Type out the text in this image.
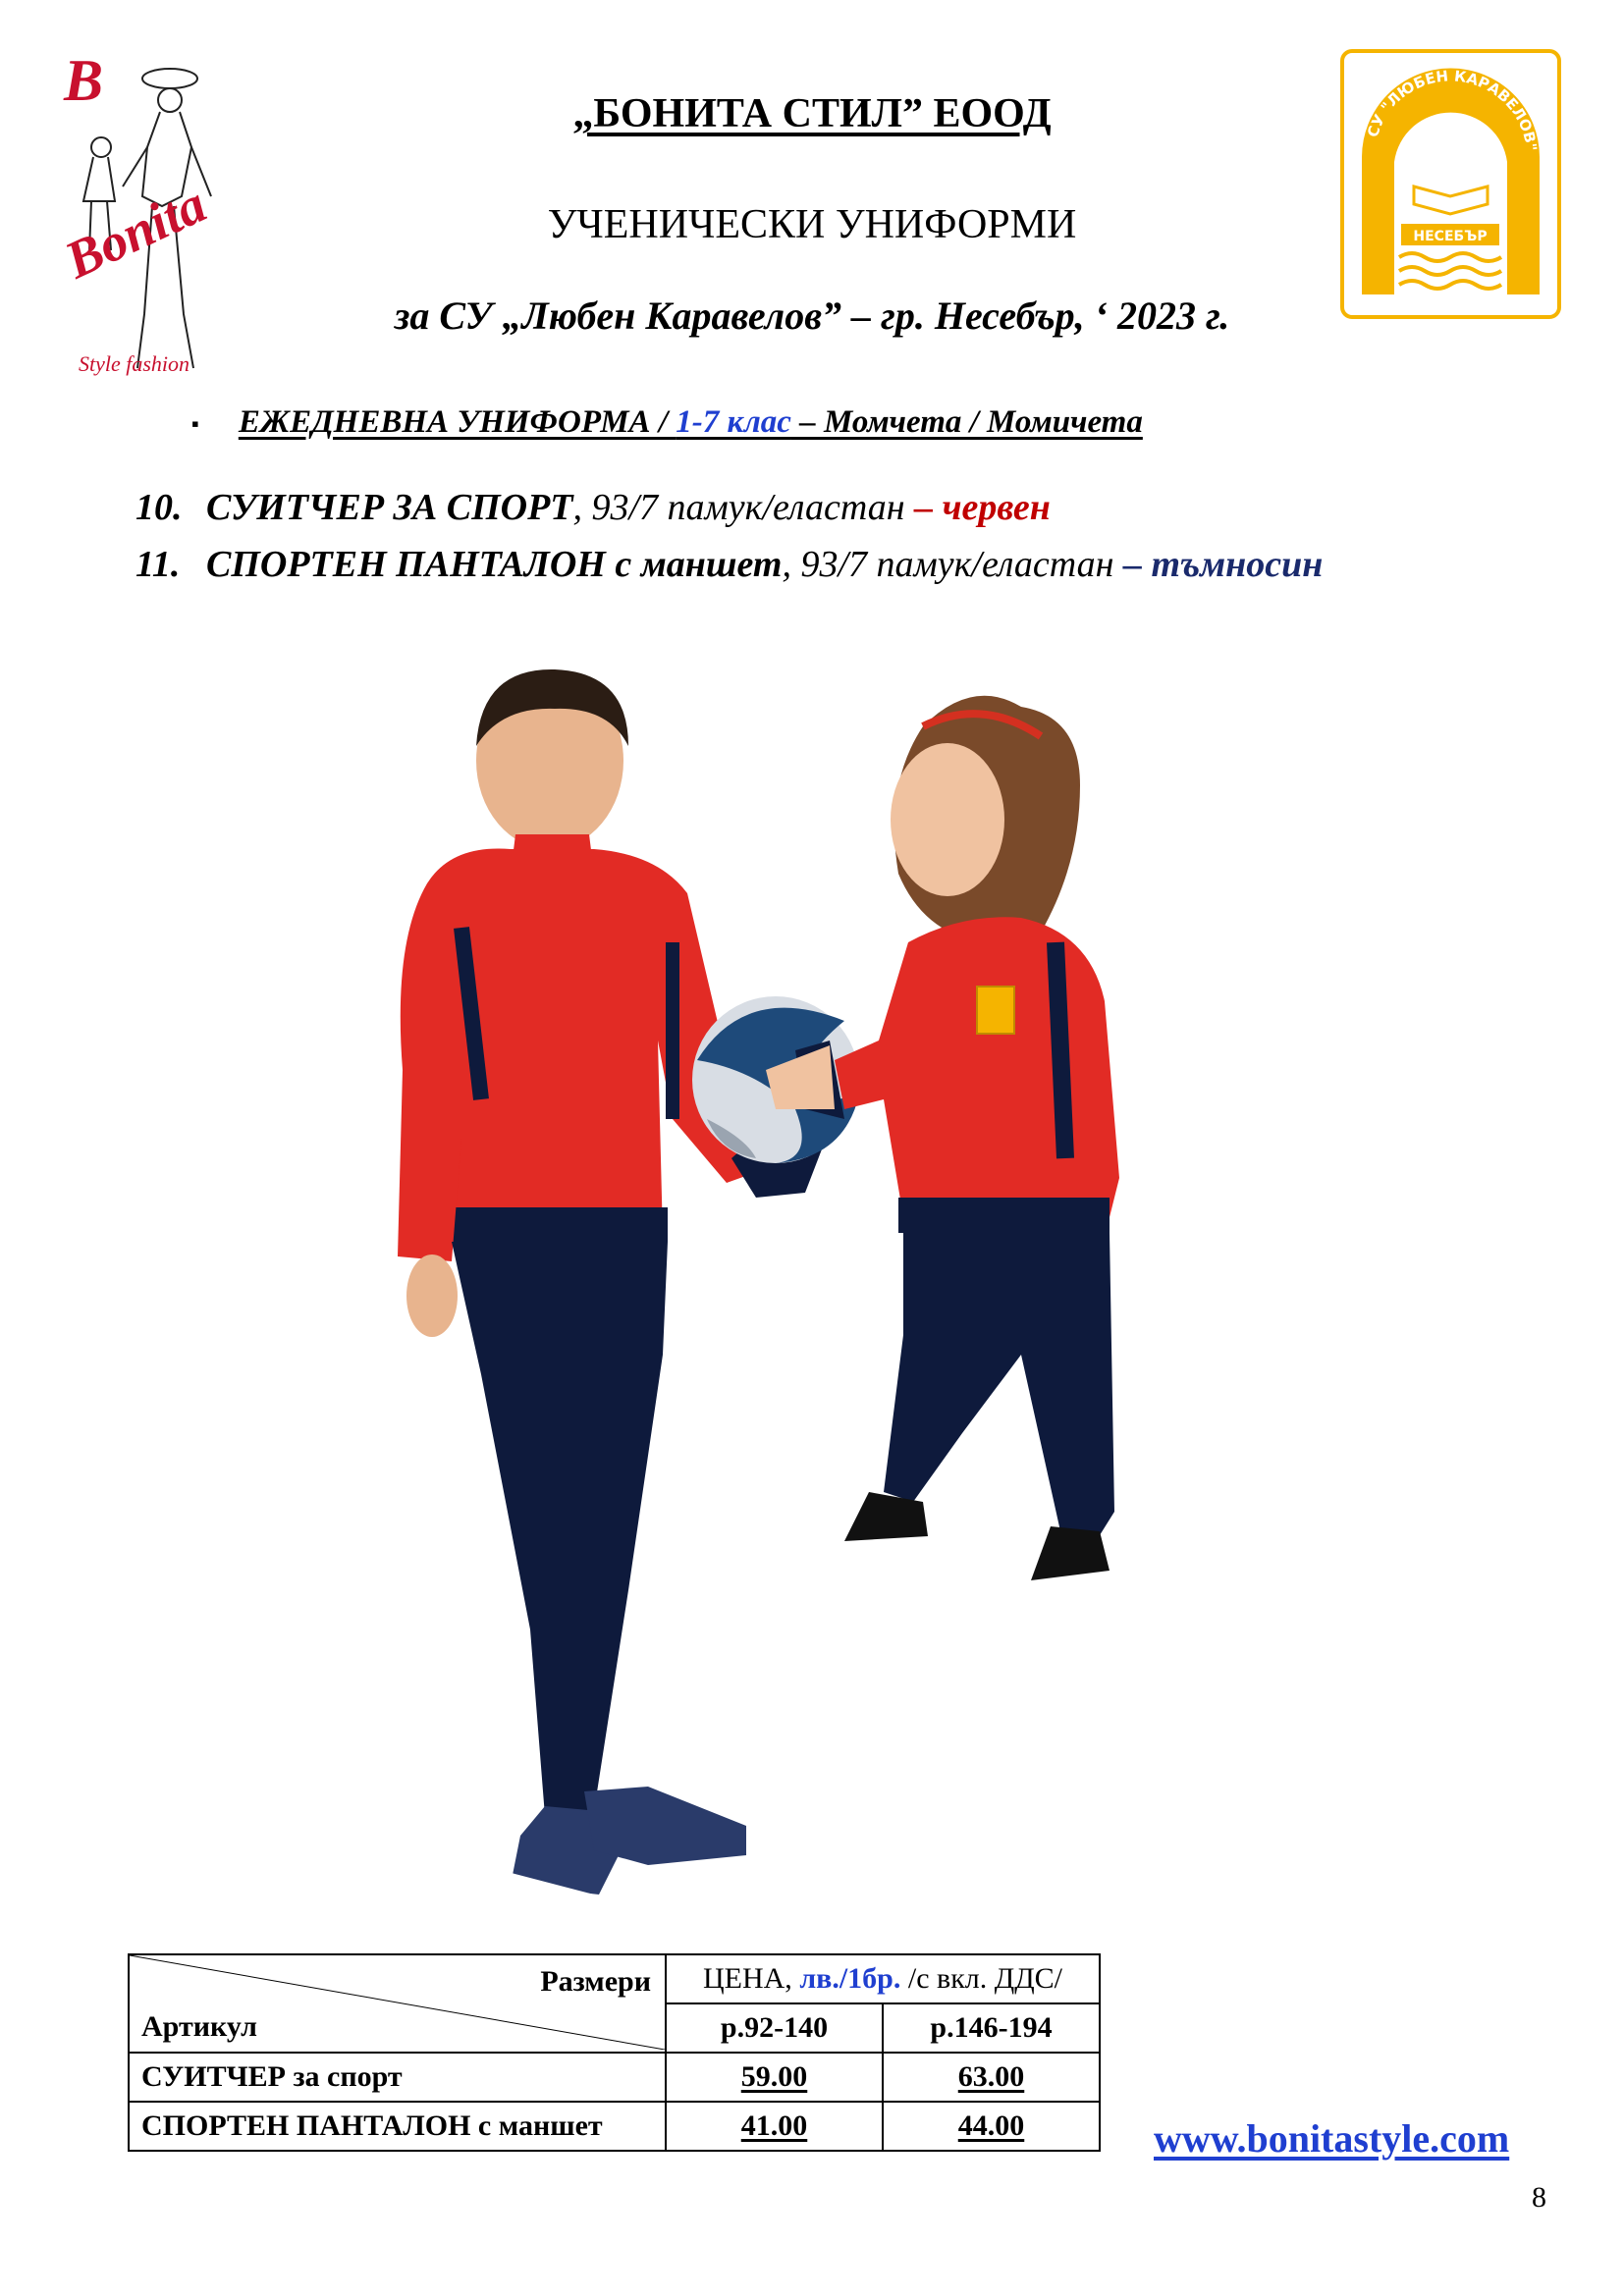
B
Bonita
Style fashion
СУ "ЛЮБЕН КАРАВЕЛОВ"
НЕСЕБЪР
„БОНИТА СТИЛ” ЕООД
УЧЕНИЧЕСКИ УНИФОРМИ
за СУ „Любен Каравелов” – гр. Несебър, ‘ 2023 г.
▪ ЕЖЕДНЕВНА УНИФОРМА / 1-7 клас – Момчета / Момичета
10. СУИТЧЕР ЗА СПОРТ, 93/7 памук/еластан – червен
11. СПОРТЕН ПАНТАЛОН с маншет, 93/7 памук/еластан – тъмносин
Размери
Артикул	ЦЕНА, лв./1бр. /с вкл. ДДС/	
	р.92-140	р.146-194
СУИТЧЕР за спорт	59.00	63.00
СПОРТЕН ПАНТАЛОН с маншет	41.00	44.00	www.bonitastyle.com
8
